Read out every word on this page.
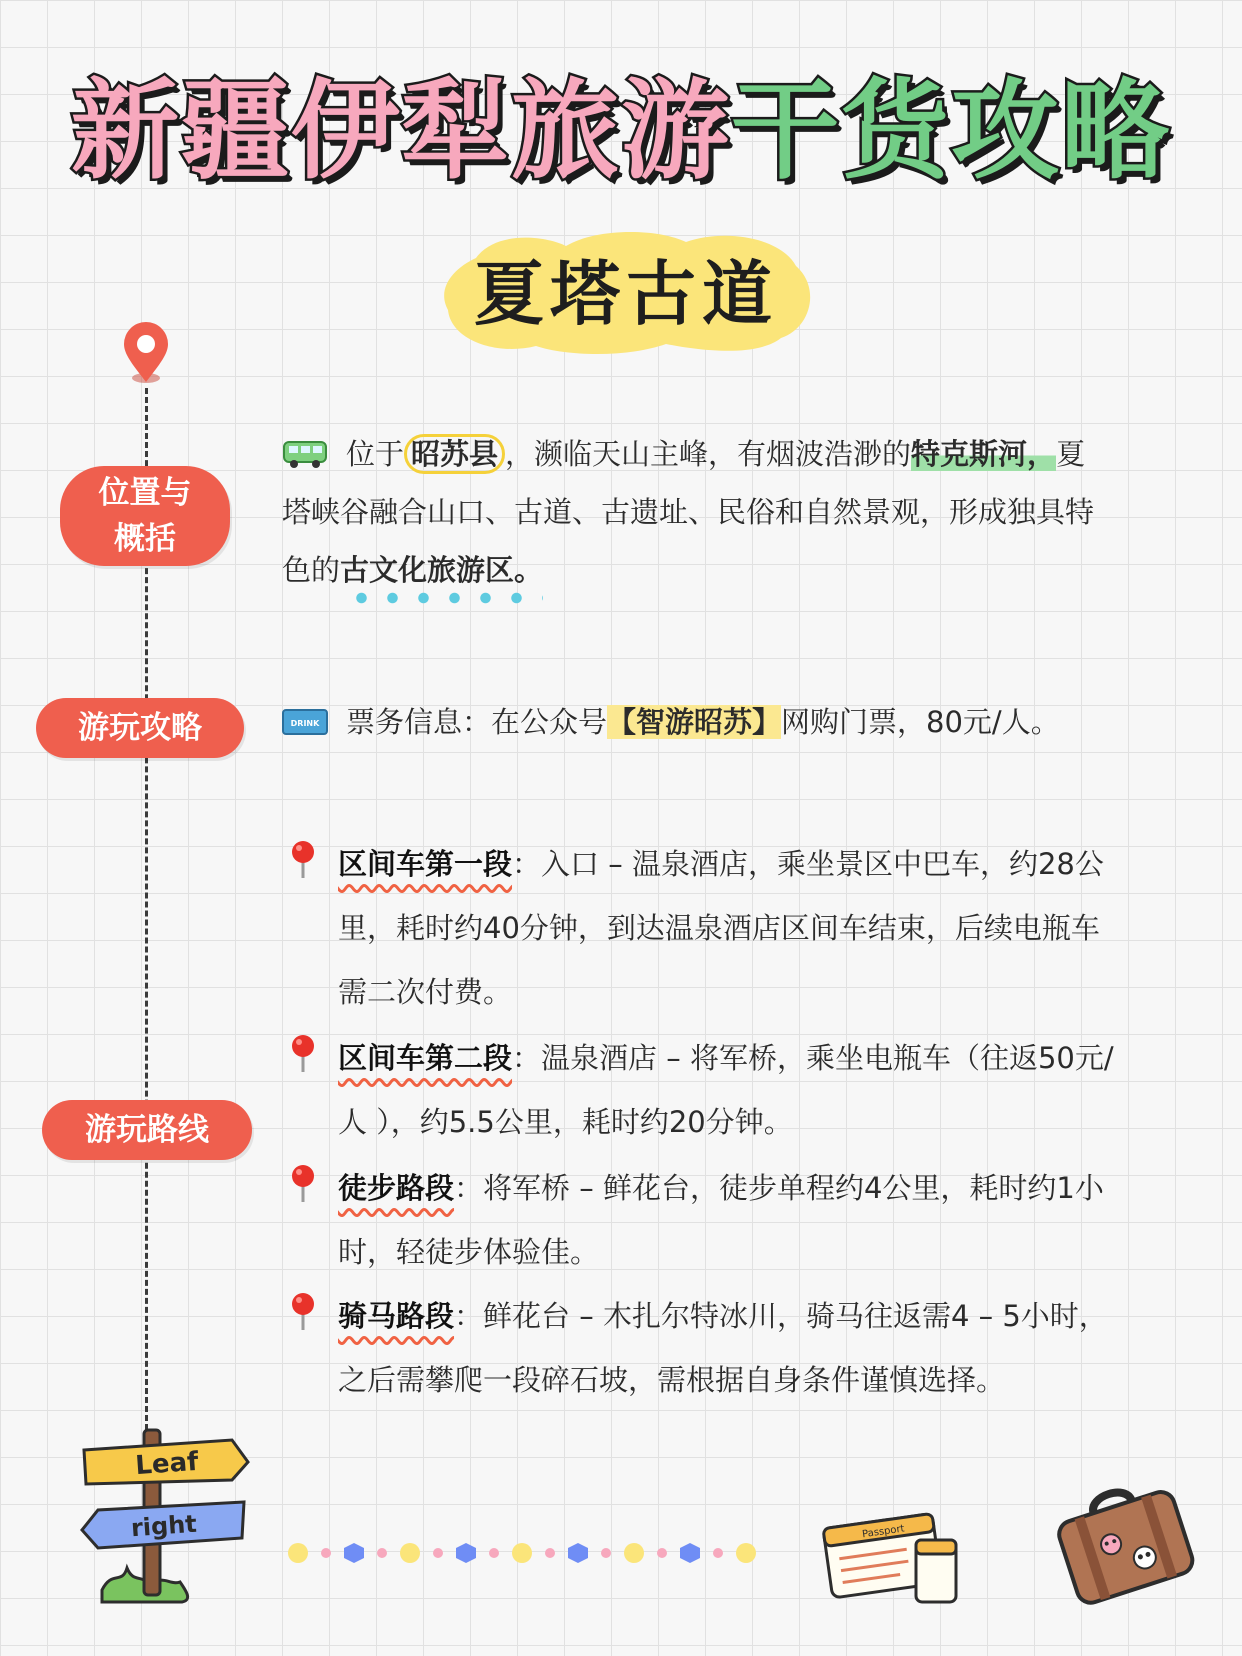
新疆伊犁旅游干货攻略
夏塔古道
位置与
概括
游玩攻略
游玩路线
位于 昭苏县 ，濒临天山主峰，有烟波浩渺的特克斯河，夏塔峡谷融合山口、古道、古遗址、民俗和自然景观，形成独具特色的古文化旅游区。
DRINK 票务信息：在公众号【智游昭苏】网购门票，80元/人。
区间车第一段：入口 – 温泉酒店，乘坐景区中巴车，约28公里，耗时约40分钟，到达温泉酒店区间车结束，后续电瓶车需二次付费。
区间车第二段：温泉酒店 – 将军桥，乘坐电瓶车（往返50元/人 ），约5.5公里，耗时约20分钟。
徒步路段：将军桥 – 鲜花台，徒步单程约4公里，耗时约1小时，轻徒步体验佳。
骑马路段：鲜花台 – 木扎尔特冰川，骑马往返需4 – 5小时，之后需攀爬一段碎石坡，需根据自身条件谨慎选择。
Leaf
right	Passport
